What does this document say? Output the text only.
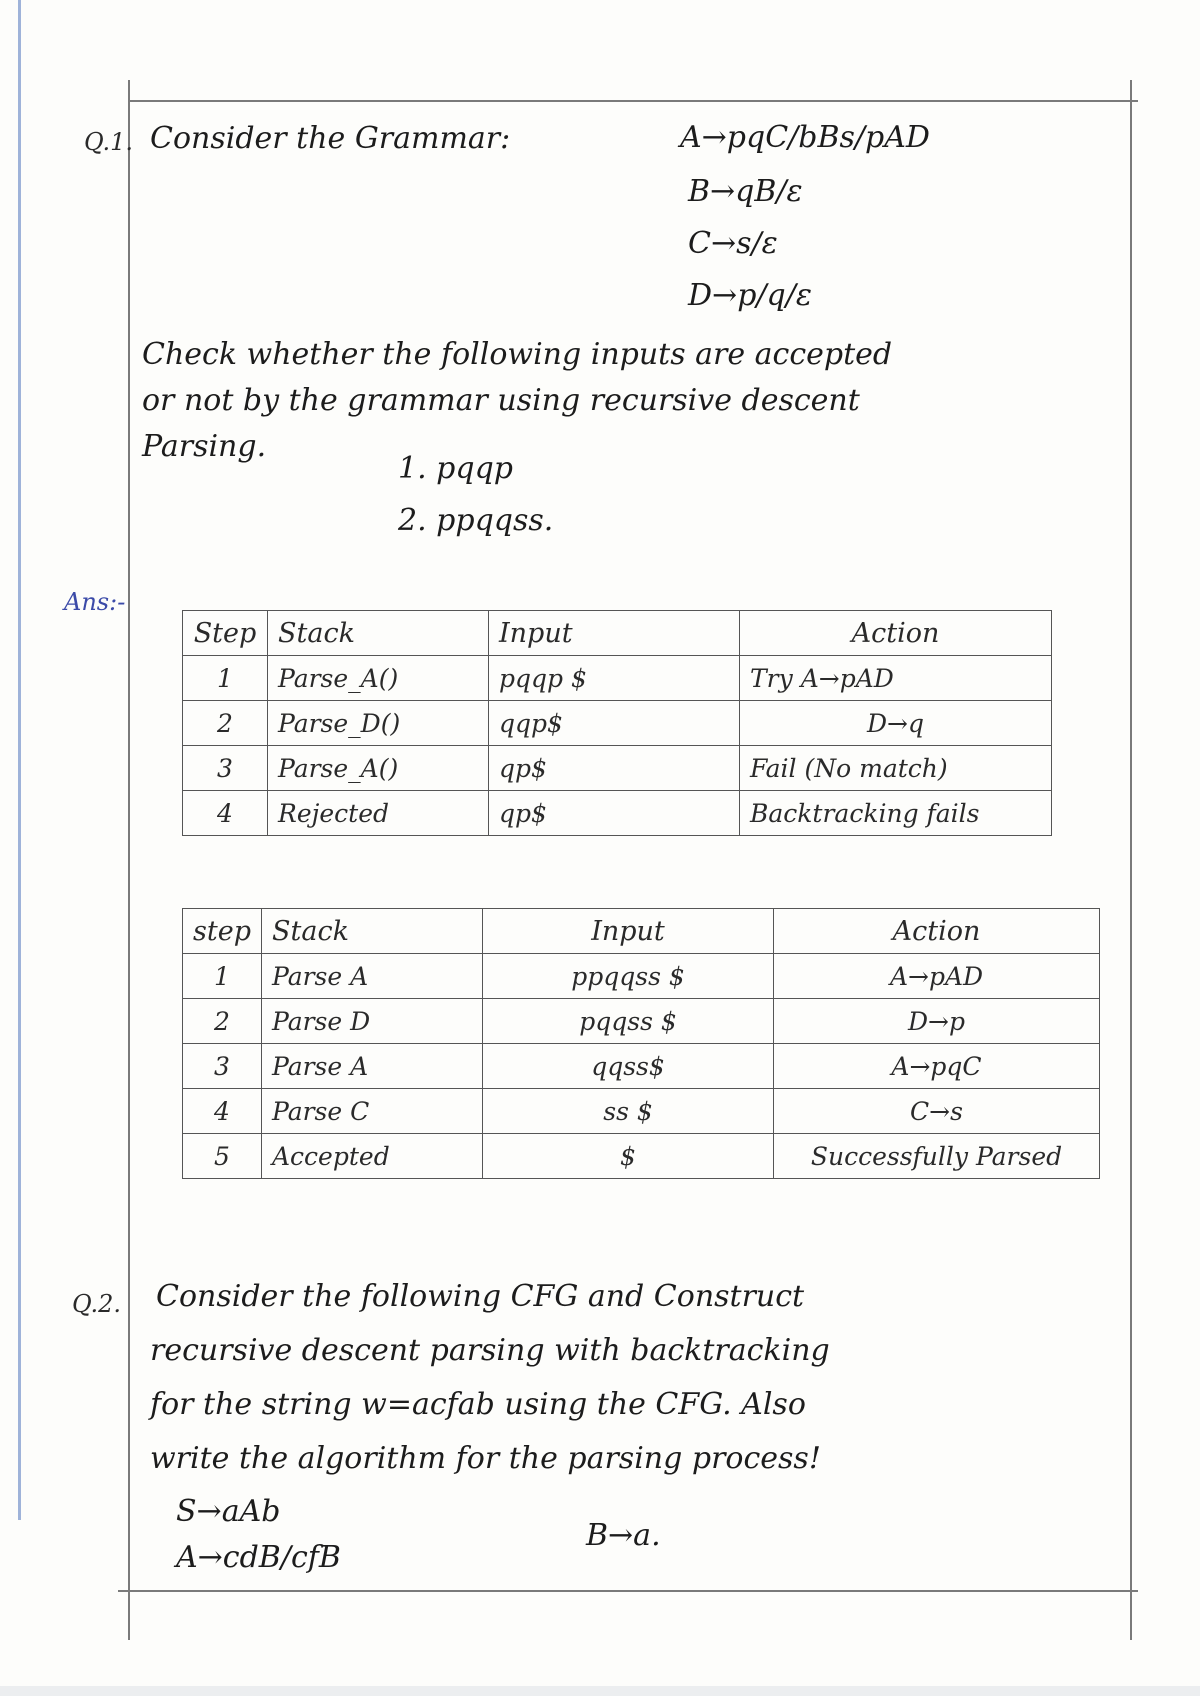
Q.1. Consider the Grammar:	A→pqC/bBs/pAD
B→qB/ε
C→s/ε
D→p/q/ε
Check whether the following inputs are accepted
or not by the grammar using recursive descent
Parsing.
1. pqqp
2. ppqqss.
Ans:-
Step	Stack	Input	Action
1	Parse_A()	pqqp $	Try A→pAD
2	Parse_D()	qqp$	D→q
3	Parse_A()	qp$	Fail (No match)
4	Rejected	qp$	Backtracking fails
step	Stack	Input	Action
1	Parse A	ppqqss $	A→pAD
2	Parse D	pqqss $	D→p
3	Parse A	qqss$	A→pqC
4	Parse C	ss $	C→s
5	Accepted	$	Successfully Parsed
Q.2. Consider the following CFG and Construct
recursive descent parsing with backtracking
for the string w=acfab using the CFG. Also
write the algorithm for the parsing process!
S→aAb
A→cdB/cfB
B→a.
